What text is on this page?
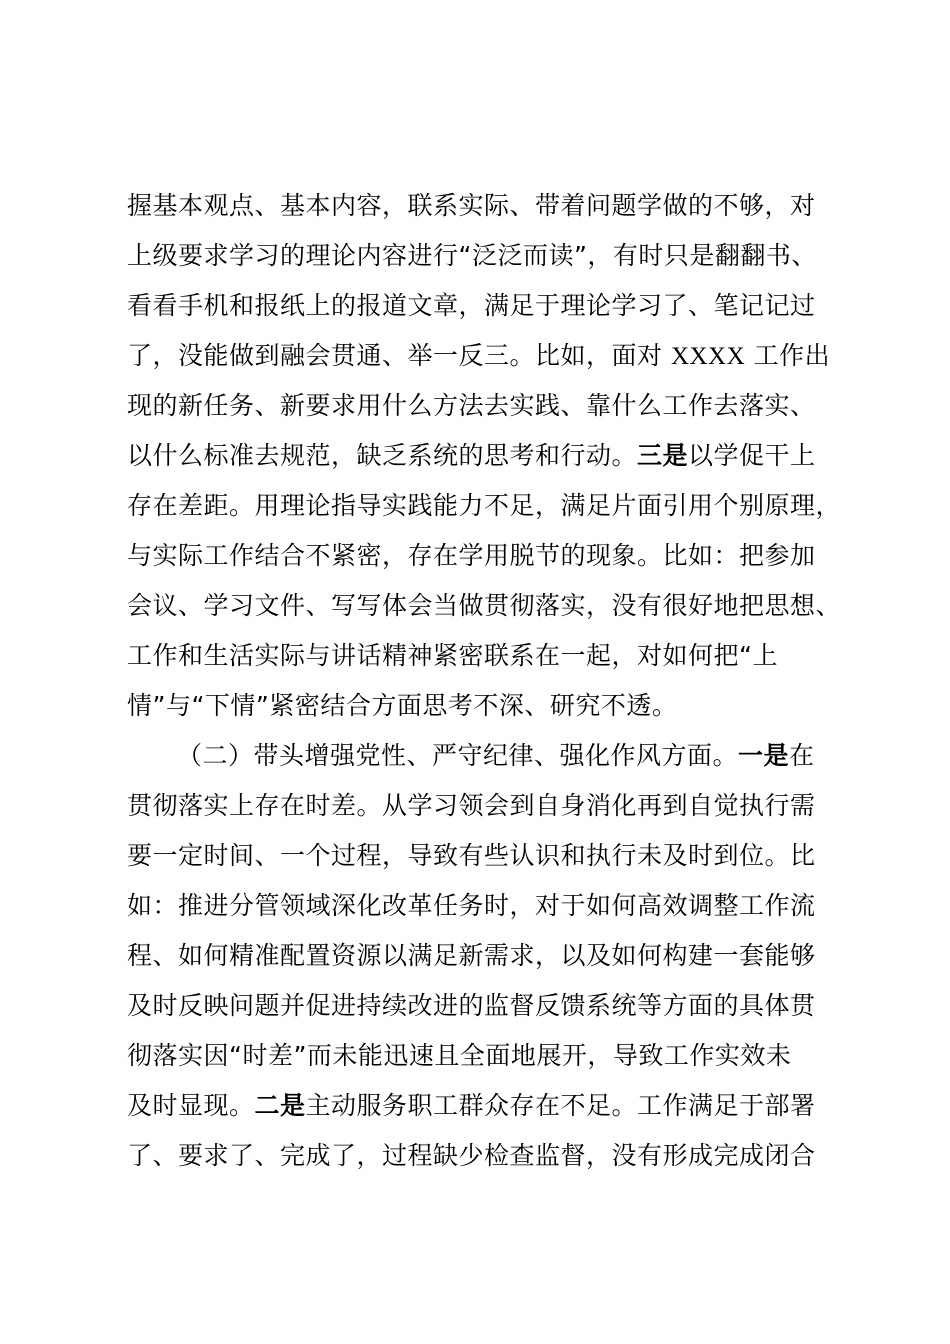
握基本观点、基本内容，联系实际、带着问题学做的不够，对
上级要求学习的理论内容进行“泛泛而读”，有时只是翻翻书、
看看手机和报纸上的报道文章，满足于理论学习了、笔记记过
了，没能做到融会贯通、举一反三。比如，面对 XXXX 工作出
现的新任务、新要求用什么方法去实践、靠什么工作去落实、
以什么标准去规范，缺乏系统的思考和行动。三是以学促干上
存在差距。用理论指导实践能力不足，满足片面引用个别原理，
与实际工作结合不紧密，存在学用脱节的现象。比如：把参加
会议、学习文件、写写体会当做贯彻落实，没有很好地把思想、
工作和生活实际与讲话精神紧密联系在一起，对如何把“上
情”与“下情”紧密结合方面思考不深、研究不透。
（二）带头增强党性、严守纪律、强化作风方面。一是在
贯彻落实上存在时差。从学习领会到自身消化再到自觉执行需
要一定时间、一个过程，导致有些认识和执行未及时到位。比
如：推进分管领域深化改革任务时，对于如何高效调整工作流
程、如何精准配置资源以满足新需求，以及如何构建一套能够
及时反映问题并促进持续改进的监督反馈系统等方面的具体贯
彻落实因“时差”而未能迅速且全面地展开，导致工作实效未
及时显现。二是主动服务职工群众存在不足。工作满足于部署
了、要求了、完成了，过程缺少检查监督，没有形成完成闭合
